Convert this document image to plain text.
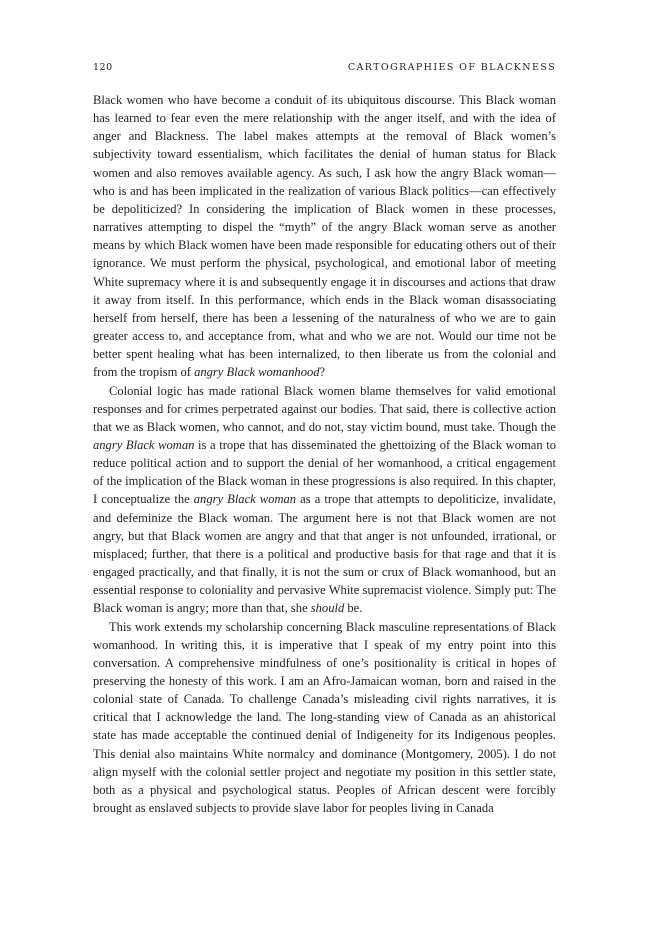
120	CARTOGRAPHIES OF BLACKNESS

Black women who have become a conduit of its ubiquitous discourse. This Black woman has learned to fear even the mere relationship with the anger itself, and with the idea of anger and Blackness. The label makes attempts at the removal of Black women’s subjectivity toward essentialism, which facilitates the denial of human status for Black women and also removes available agency. As such, I ask how the angry Black woman—who is and has been implicated in the realization of various Black politics—can effectively be depoliticized? In considering the implication of Black women in these processes, narratives attempting to dispel the “myth” of the angry Black woman serve as another means by which Black women have been made responsible for educating others out of their ignorance. We must perform the physical, psychological, and emotional labor of meeting White supremacy where it is and subsequently engage it in discourses and actions that draw it away from itself. In this performance, which ends in the Black woman disassociating herself from herself, there has been a lessening of the naturalness of who we are to gain greater access to, and acceptance from, what and who we are not. Would our time not be better spent healing what has been internalized, to then liberate us from the colonial and from the tropism of angry Black womanhood?

Colonial logic has made rational Black women blame themselves for valid emotional responses and for crimes perpetrated against our bodies. That said, there is collective action that we as Black women, who cannot, and do not, stay victim bound, must take. Though the angry Black woman is a trope that has disseminated the ghettoizing of the Black woman to reduce political action and to support the denial of her womanhood, a critical engagement of the implication of the Black woman in these progressions is also required. In this chapter, I conceptualize the angry Black woman as a trope that attempts to depoliticize, invalidate, and defeminize the Black woman. The argument here is not that Black women are not angry, but that Black women are angry and that that anger is not unfounded, irrational, or misplaced; further, that there is a political and productive basis for that rage and that it is engaged practically, and that finally, it is not the sum or crux of Black womanhood, but an essential response to coloniality and pervasive White supremacist violence. Simply put: The Black woman is angry; more than that, she should be.

This work extends my scholarship concerning Black masculine representations of Black womanhood. In writing this, it is imperative that I speak of my entry point into this conversation. A comprehensive mindfulness of one’s positionality is critical in hopes of preserving the honesty of this work. I am an Afro-Jamaican woman, born and raised in the colonial state of Canada. To challenge Canada’s misleading civil rights narratives, it is critical that I acknowledge the land. The long-standing view of Canada as an ahistorical state has made acceptable the continued denial of Indigeneity for its Indigenous peoples. This denial also maintains White normalcy and dominance (Montgomery, 2005). I do not align myself with the colonial settler project and negotiate my position in this settler state, both as a physical and psychological status. Peoples of African descent were forcibly brought as enslaved subjects to provide slave labor for peoples living in Canada
